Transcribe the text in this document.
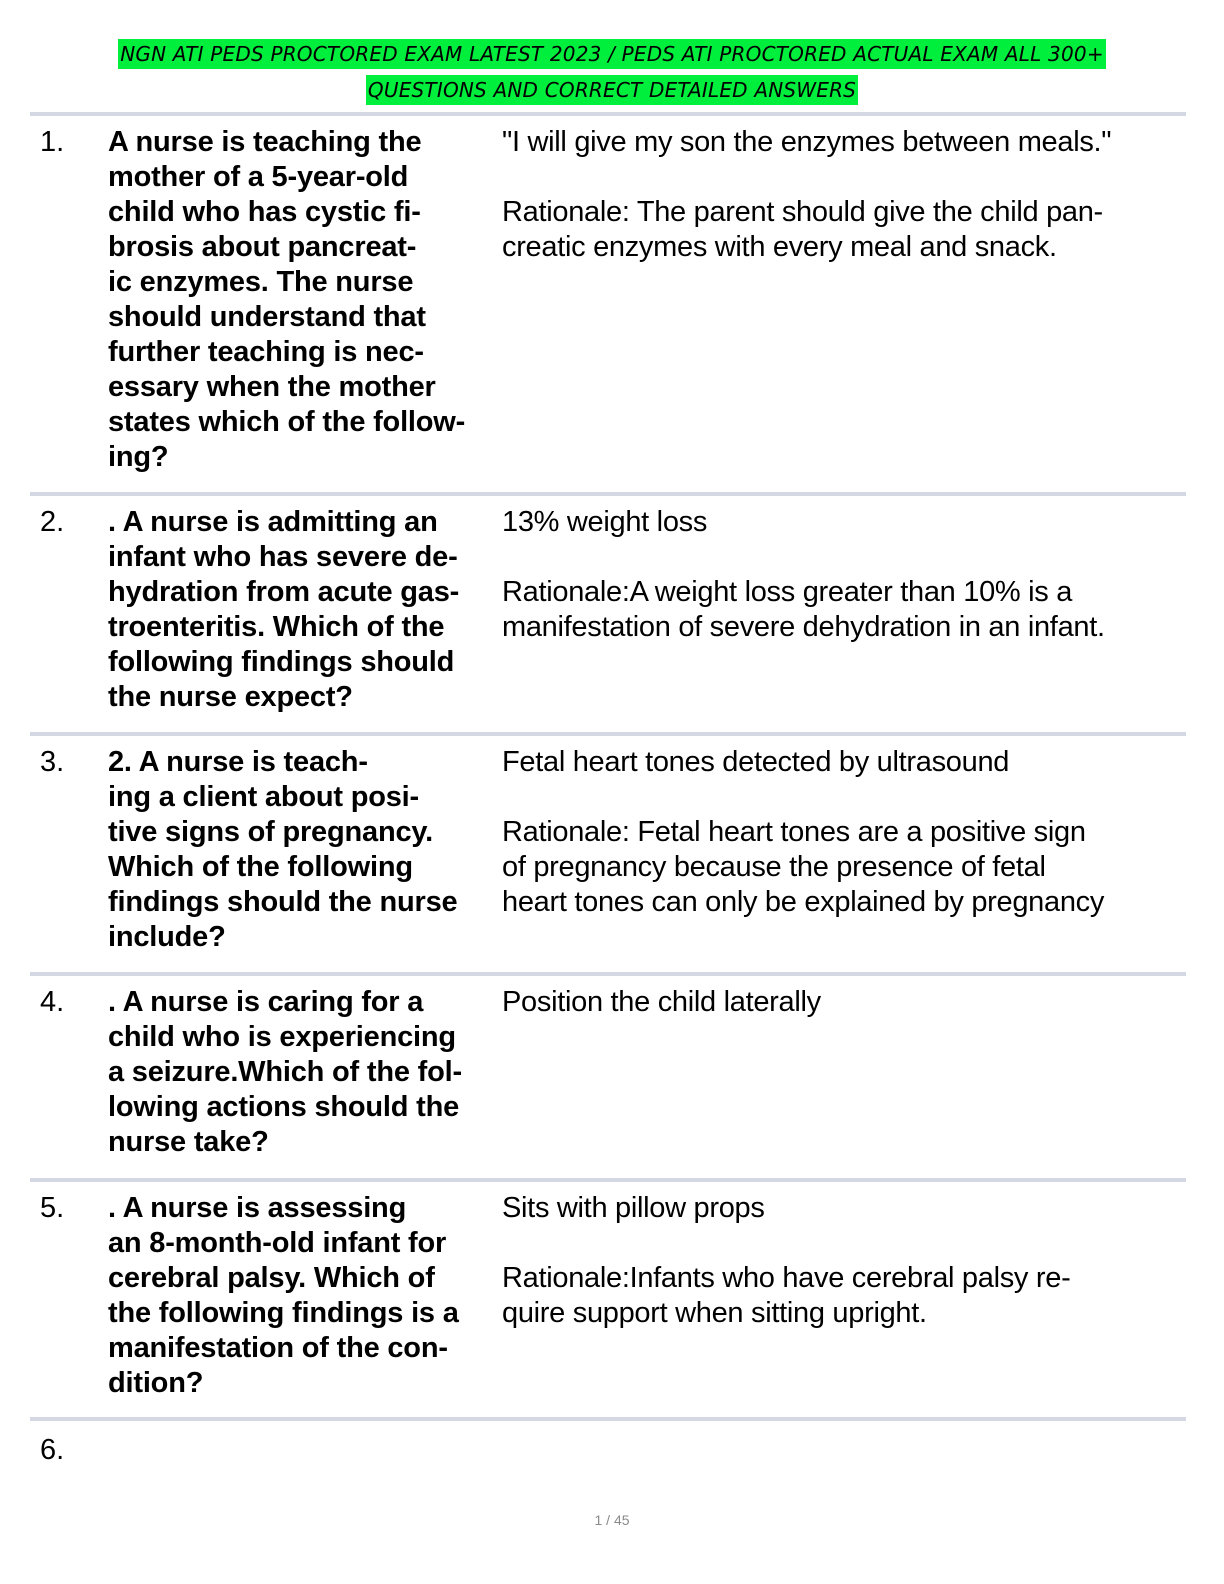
NGN ATI PEDS PROCTORED EXAM LATEST 2023 / PEDS ATI PROCTORED ACTUAL EXAM ALL 300+
QUESTIONS AND CORRECT DETAILED ANSWERS
1. A nurse is teaching the
mother of a 5-year-old
child who has cystic fi-
brosis about pancreat-
ic enzymes. The nurse
should understand that
further teaching is nec-
essary when the mother
states which of the follow-
ing?
"I will give my son the enzymes between meals."
Rationale: The parent should give the child pan-
creatic enzymes with every meal and snack.
2. . A nurse is admitting an
infant who has severe de-
hydration from acute gas-
troenteritis. Which of the
following findings should
the nurse expect?
13% weight loss
Rationale:A weight loss greater than 10% is a
manifestation of severe dehydration in an infant.
3. 2. A nurse is teach-
ing a client about posi-
tive signs of pregnancy.
Which of the following
findings should the nurse
include?
Fetal heart tones detected by ultrasound
Rationale: Fetal heart tones are a positive sign
of pregnancy because the presence of fetal
heart tones can only be explained by pregnancy
4. . A nurse is caring for a
child who is experiencing
a seizure.Which of the fol-
lowing actions should the
nurse take?
Position the child laterally
5. . A nurse is assessing
an 8-month-old infant for
cerebral palsy. Which of
the following findings is a
manifestation of the con-
dition?
Sits with pillow props
Rationale:Infants who have cerebral palsy re-
quire support when sitting upright.
6.
1 / 45
